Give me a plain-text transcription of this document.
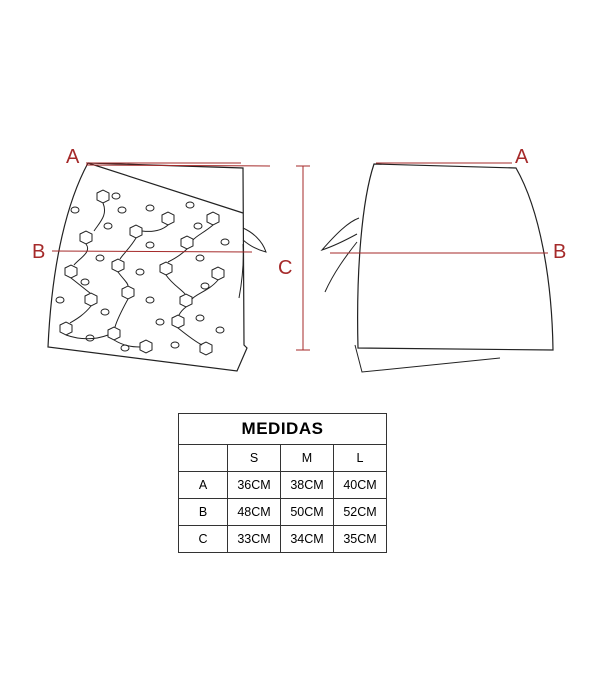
A	A
B	B
C
MEDIDAS			
	S	M	L
A	36CM	38CM	40CM
B	48CM	50CM	52CM
C	33CM	34CM	35CM
